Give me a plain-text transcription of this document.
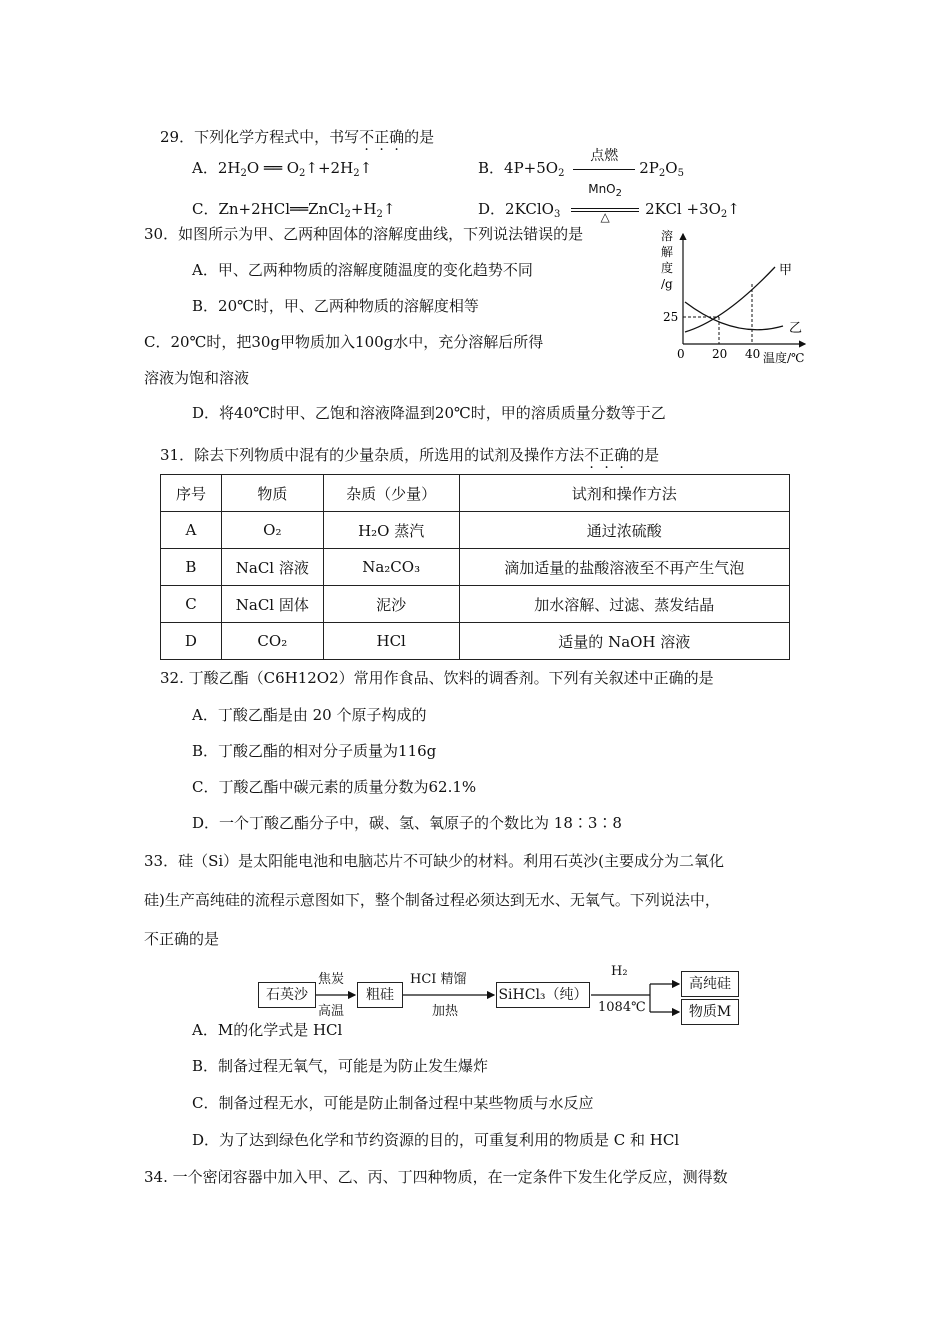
29．下列化学方程式中，书写不正确的是
A．$2H_2O$ ══ $O_2↑+2H_2↑$	B．$4P+5O_2$
点燃
$2P_2O_5$
C．$Zn+2HCl══ZnCl_2+H_2↑$	D．2KClO$_3$
MnO$_2$
△	$2KCl +3O_2↑$
30．如图所示为甲、乙两种固体的溶解度曲线，下列说法错误的是
A．甲、乙两种物质的溶解度随温度的变化趋势不同
B．20℃时，甲、乙两种物质的溶解度相等
C．20℃时，把30g甲物质加入100g水中，充分溶解后所得
溶液为饱和溶液
D．将40℃时甲、乙饱和溶液降温到20℃时，甲的溶质质量分数等于乙
溶
解
度
/g
25
0 20 40 温度/℃
甲
乙
31．除去下列物质中混有的少量杂质，所选用的试剂及操作方法不正确的是
序号	物质	杂质（少量）	试剂和操作方法
A	O₂	H₂O 蒸汽	通过浓硫酸
B	NaCl 溶液	Na₂CO₃	滴加适量的盐酸溶液至不再产生气泡
C	NaCl 固体	泥沙	加水溶解、过滤、蒸发结晶
D	CO₂	HCl	适量的 NaOH 溶液
32. 丁酸乙酯（C6H12O2）常用作食品、饮料的调香剂。下列有关叙述中正确的是
A．丁酸乙酯是由 20 个原子构成的
B．丁酸乙酯的相对分子质量为116g
C．丁酸乙酯中碳元素的质量分数为62.1%
D．一个丁酸乙酯分子中，碳、氢、氧原子的个数比为 18∶3∶8
33．硅（Si）是太阳能电池和电脑芯片不可缺少的材料。利用石英沙(主要成分为二氧化
硅)生产高纯硅的流程示意图如下，整个制备过程必须达到无水、无氧气。下列说法中，
不正确的是
石英沙
焦炭
高温
粗硅
HCI 精馏
加热
SiHCl₃（纯）
H₂
1084℃
高纯硅
物质M
A．M的化学式是 HCl
B．制备过程无氧气，可能是为防止发生爆炸
C．制备过程无水，可能是防止制备过程中某些物质与水反应
D．为了达到绿色化学和节约资源的目的，可重复利用的物质是 C 和 HCl
34. 一个密闭容器中加入甲、乙、丙、丁四种物质，在一定条件下发生化学反应，测得数
